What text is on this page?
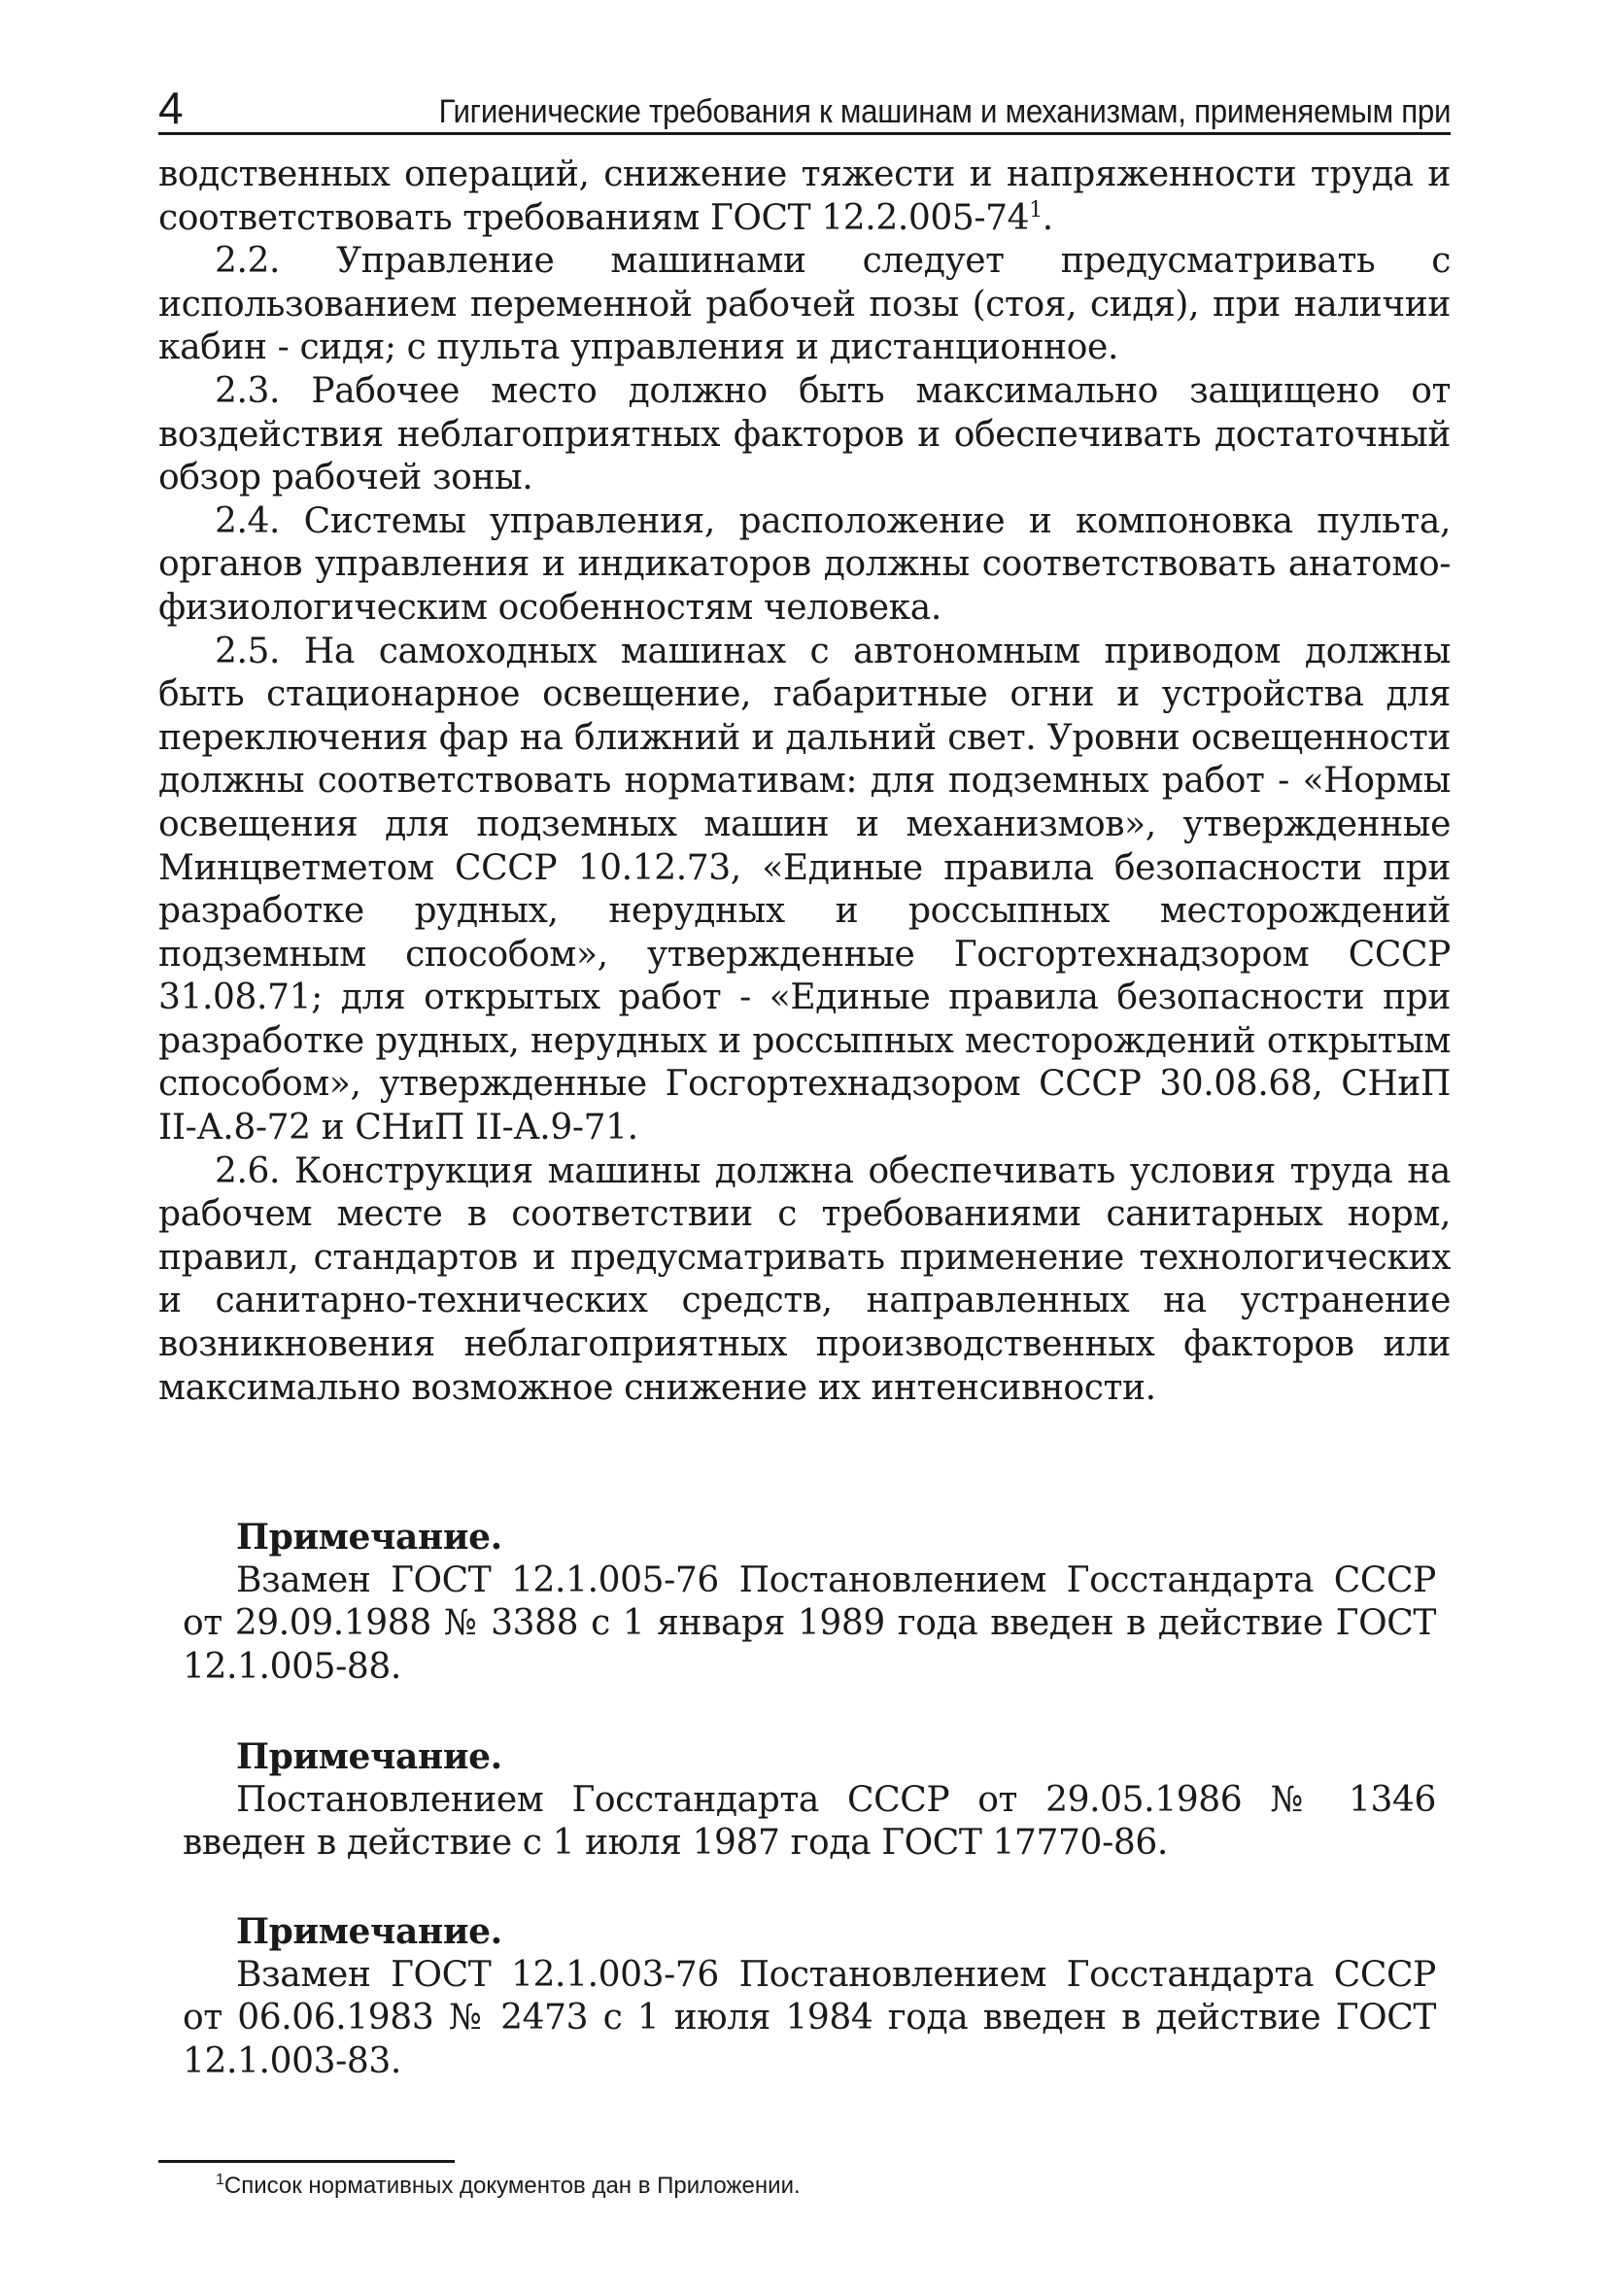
4	Гигиенические требования к машинам и механизмам, применяемым при

водственных операций, снижение тяжести и напряженности труда и соответствовать требованиям ГОСТ $12.2.005-74^1$.

2.2. Управление машинами следует предусматривать с использованием переменной рабочей позы (стоя, сидя), при наличии кабин - сидя; с пульта управления и дистанционное.

2.3. Рабочее место должно быть максимально защищено от воздействия неблагоприятных факторов и обеспечивать достаточный обзор рабочей зоны.

2.4. Системы управления, расположение и компоновка пульта, органов управления и индикаторов должны соответствовать анатомо-физиологическим особенностям человека.

2.5. На самоходных машинах с автономным приводом должны быть стационарное освещение, габаритные огни и устройства для переключения фар на ближний и дальний свет. Уровни освещенности должны соответствовать нормативам: для подземных работ - «Нормы освещения для подземных машин и механизмов», утвержденные Минцветметом СССР 10.12.73, «Единые правила безопасности при разработке рудных, нерудных и россыпных месторождений подземным способом», утвержденные Госгортехнадзором СССР 31.08.71; для открытых работ - «Единые правила безопасности при разработке рудных, нерудных и россыпных месторождений открытым способом», утвержденные Госгортехнадзором СССР 30.08.68, СНиП II-А.8-72 и СНиП II-А.9-71.

2.6. Конструкция машины должна обеспечивать условия труда на рабочем месте в соответствии с требованиями санитарных норм, правил, стандартов и предусматривать применение технологических и санитарно-технических средств, направленных на устранение возникновения неблагоприятных производственных факторов или максимально возможное снижение их интенсивности.

Примечание.
Взамен ГОСТ 12.1.005-76 Постановлением Госстандарта СССР от 29.09.1988 № 3388 с 1 января 1989 года введен в действие ГОСТ 12.1.005-88.
Примечание.
Постановлением Госстандарта СССР от 29.05.1986 № 1346 введен в действие с 1 июля 1987 года ГОСТ 17770-86.
Примечание.
Взамен ГОСТ 12.1.003-76 Постановлением Госстандарта СССР от 06.06.1983 № 2473 с 1 июля 1984 года введен в действие ГОСТ 12.1.003-83.
$^1$Список нормативных документов дан в Приложении.
